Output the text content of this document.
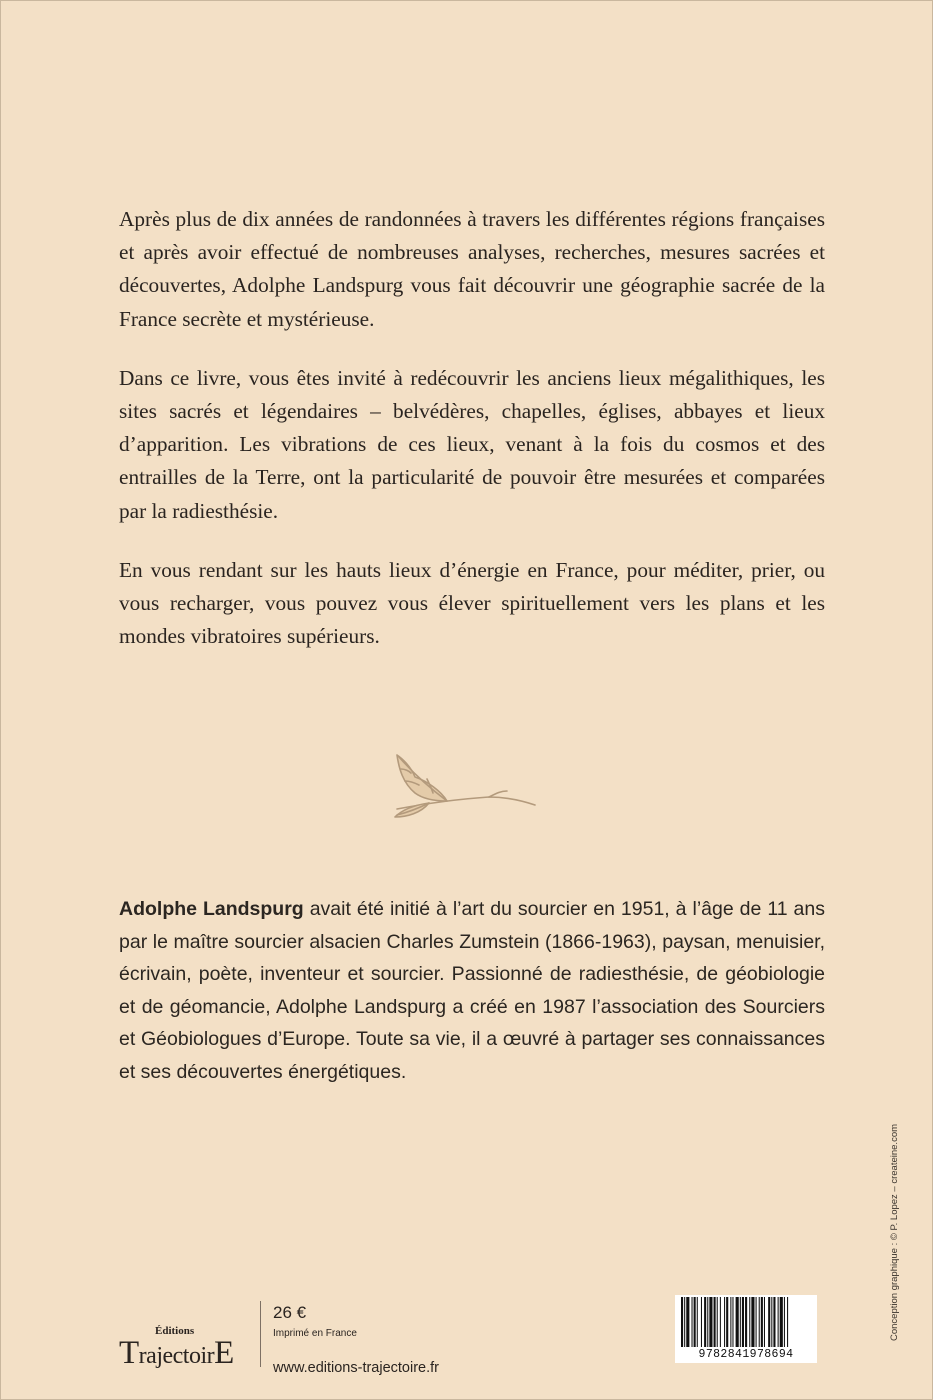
Après plus de dix années de randonnées à travers les différentes régions françaises et après avoir effectué de nombreuses analyses, recherches, mesures sacrées et découvertes, Adolphe Landspurg vous fait découvrir une géographie sacrée de la France secrète et mystérieuse.

Dans ce livre, vous êtes invité à redécouvrir les anciens lieux mégalithiques, les sites sacrés et légendaires – belvédères, chapelles, églises, abbayes et lieux d’apparition. Les vibrations de ces lieux, venant à la fois du cosmos et des entrailles de la Terre, ont la particularité de pouvoir être mesurées et comparées par la radiesthésie.

En vous rendant sur les hauts lieux d’énergie en France, pour méditer, prier, ou vous recharger, vous pouvez vous élever spirituellement vers les plans et les mondes vibratoires supérieurs.

Adolphe Landspurg avait été initié à l’art du sourcier en 1951, à l’âge de 11 ans par le maître sourcier alsacien Charles Zumstein (1866-1963), paysan, menuisier, écrivain, poète, inventeur et sourcier. Passionné de radiesthésie, de géobiologie et de géomancie, Adolphe Landspurg a créé en 1987 l’association des Sourciers et Géobiologues d’Europe. Toute sa vie, il a œuvré à partager ses connaissances et ses découvertes énergétiques.

Conception graphique : © P. Lopez – createine.com
Éditions
TrajectoirE
26 €
Imprimé en France
www.editions-trajectoire.fr
9782841978694
